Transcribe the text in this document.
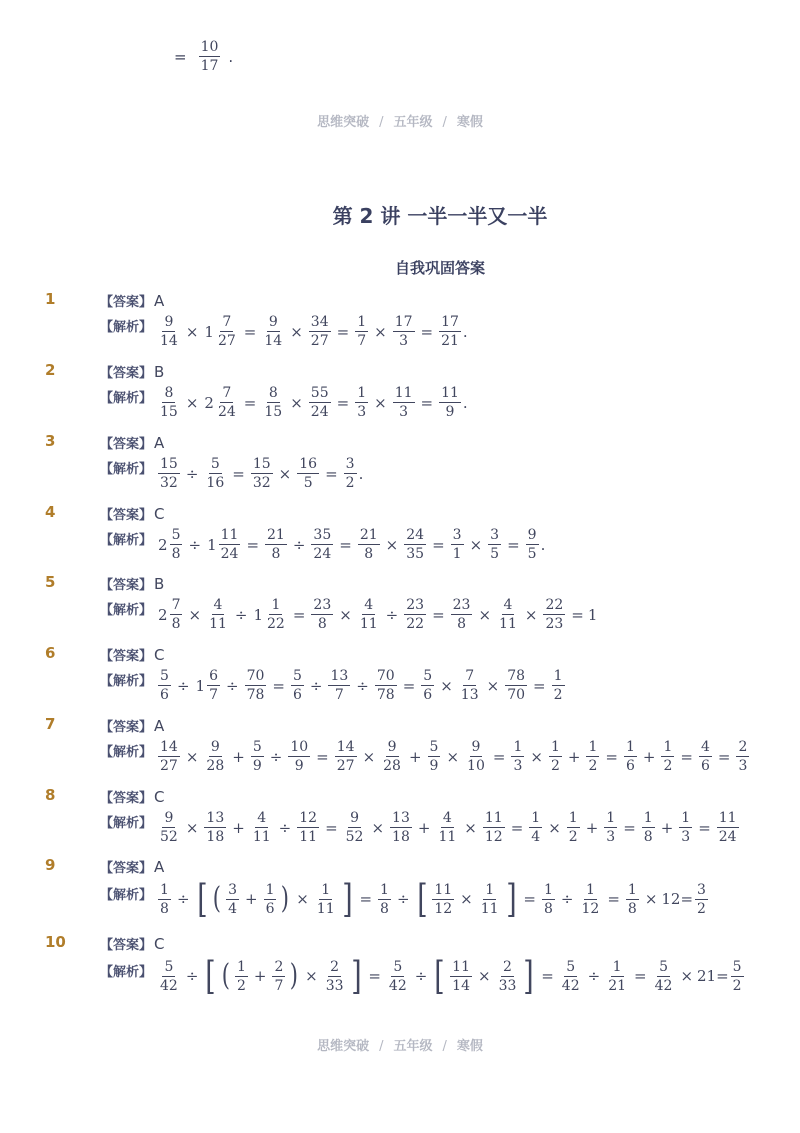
= $\frac{10}{17}$ .
思维突破 / 五年级 / 寒假
第 2 讲 一半一半又一半
自我巩固答案
1	【答案】 A
【解析】 $\frac{9}{14} \times 1 \frac{7}{27} = \frac{9}{14} \times \frac{34}{27} = \frac{1}{7} \times \frac{17}{3} = \frac{17}{21}$ .
2	【答案】 B
【解析】 $\frac{8}{15} \times 2 \frac{7}{24} = \frac{8}{15} \times \frac{55}{24} = \frac{1}{3} \times \frac{11}{3} = \frac{11}{9}$ .
3	【答案】 A
【解析】 $\frac{15}{32} \div \frac{5}{16} = \frac{15}{32} \times \frac{16}{5} = \frac{3}{2}$ .
4	【答案】 C
【解析】 $2 \frac{5}{8} \div 1 \frac{11}{24} = \frac{21}{8} \div \frac{35}{24} = \frac{21}{8} \times \frac{24}{35} = \frac{3}{1} \times \frac{3}{5} = \frac{9}{5}$ .
5	【答案】 B
【解析】 $2 \frac{7}{8} \times \frac{4}{11} \div 1 \frac{1}{22} = \frac{23}{8} \times \frac{4}{11} \div \frac{23}{22} = \frac{23}{8} \times \frac{4}{11} \times \frac{22}{23} = 1$
6	【答案】 C
【解析】 $\frac{5}{6} \div 1 \frac{6}{7} \div \frac{70}{78} = \frac{5}{6} \div \frac{13}{7} \div \frac{70}{78} = \frac{5}{6} \times \frac{7}{13} \times \frac{78}{70} = \frac{1}{2}$
7	【答案】 A
【解析】 $\frac{14}{27} \times \frac{9}{28} + \frac{5}{9} \div \frac{10}{9} = \frac{14}{27} \times \frac{9}{28} + \frac{5}{9} \times \frac{9}{10} = \frac{1}{3} \times \frac{1}{2} + \frac{1}{2} = \frac{1}{6} + \frac{1}{2} = \frac{4}{6} = \frac{2}{3}$
8	【答案】 C
【解析】 $\frac{9}{52} \times \frac{13}{18} + \frac{4}{11} \div \frac{12}{11} = \frac{9}{52} \times \frac{13}{18} + \frac{4}{11} \times \frac{11}{12} = \frac{1}{4} \times \frac{1}{2} + \frac{1}{3} = \frac{1}{8} + \frac{1}{3} = \frac{11}{24}$
9	【答案】 A
【解析】 $\frac{1}{8}$ ÷ [ ( $\frac{3}{4} + \frac{1}{6}$ ) × $\frac{1}{11}$ ] = $\frac{1}{8}$ ÷ [ $\frac{11}{12} \times \frac{1}{11}$ ] = $\frac{1}{8} \div \frac{1}{12} = \frac{1}{8} \times 12= \frac{3}{2}$
10	【答案】 C
【解析】 $\frac{5}{42}$ ÷ [ ( $\frac{1}{2} + \frac{2}{7}$ ) × $\frac{2}{33}$ ] = $\frac{5}{42}$ ÷ [ $\frac{11}{14} \times \frac{2}{33}$ ] = $\frac{5}{42} \div \frac{1}{21} = \frac{5}{42} \times 21= \frac{5}{2}$
思维突破 / 五年级 / 寒假
